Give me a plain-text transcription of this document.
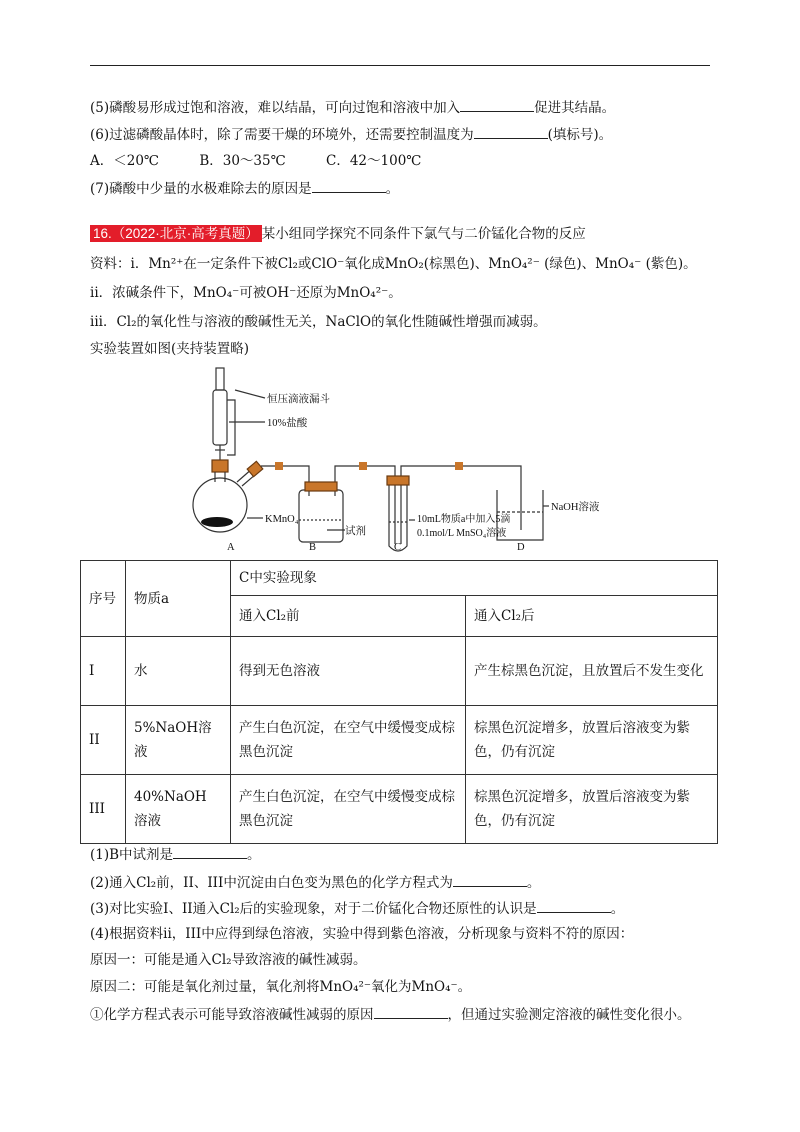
(5)磷酸易形成过饱和溶液，难以结晶，可向过饱和溶液中加入	促进其结晶。
(6)过滤磷酸晶体时，除了需要干燥的环境外，还需要控制温度为	(填标号)。
A．＜20℃	B．30～35℃	C．42～100℃
(7)磷酸中少量的水极难除去的原因是	。
16.（2022·北京·高考真题） 某小组同学探究不同条件下氯气与二价锰化合物的反应
资料：i．Mn²⁺在一定条件下被Cl₂或ClO⁻氧化成MnO₂(棕黑色)、MnO₄²⁻ (绿色)、MnO₄⁻ (紫色)。
ii．浓碱条件下，MnO₄⁻可被OH⁻还原为MnO₄²⁻。
iii．Cl₂的氧化性与溶液的酸碱性无关，NaClO的氧化性随碱性增强而减弱。
实验装置如图(夹持装置略)
恒压滴液漏斗
10%盐酸
KMnO₄
试剂
10mL物质a中加入5滴
0.1mol/L MnSO₄溶液
NaOH溶液
A	B	C	D
序号	物质a	C中实验现象	
		通入Cl₂前	通入Cl₂后
I	水	得到无色溶液	产生棕黑色沉淀，且放置后不发生变化
II	5%NaOH溶液	产生白色沉淀，在空气中缓慢变成棕黑色沉淀	棕黑色沉淀增多，放置后溶液变为紫色，仍有沉淀
III	40%NaOH 溶液	产生白色沉淀，在空气中缓慢变成棕黑色沉淀	棕黑色沉淀增多，放置后溶液变为紫色，仍有沉淀
(1)B中试剂是	。
(2)通入Cl₂前，II、III中沉淀由白色变为黑色的化学方程式为	。
(3)对比实验I、II通入Cl₂后的实验现象，对于二价锰化合物还原性的认识是	。
(4)根据资料ii，III中应得到绿色溶液，实验中得到紫色溶液，分析现象与资料不符的原因：
原因一：可能是通入Cl₂导致溶液的碱性减弱。
原因二：可能是氧化剂过量，氧化剂将MnO₄²⁻氧化为MnO₄⁻。
①化学方程式表示可能导致溶液碱性减弱的原因	，但通过实验测定溶液的碱性变化很小。
